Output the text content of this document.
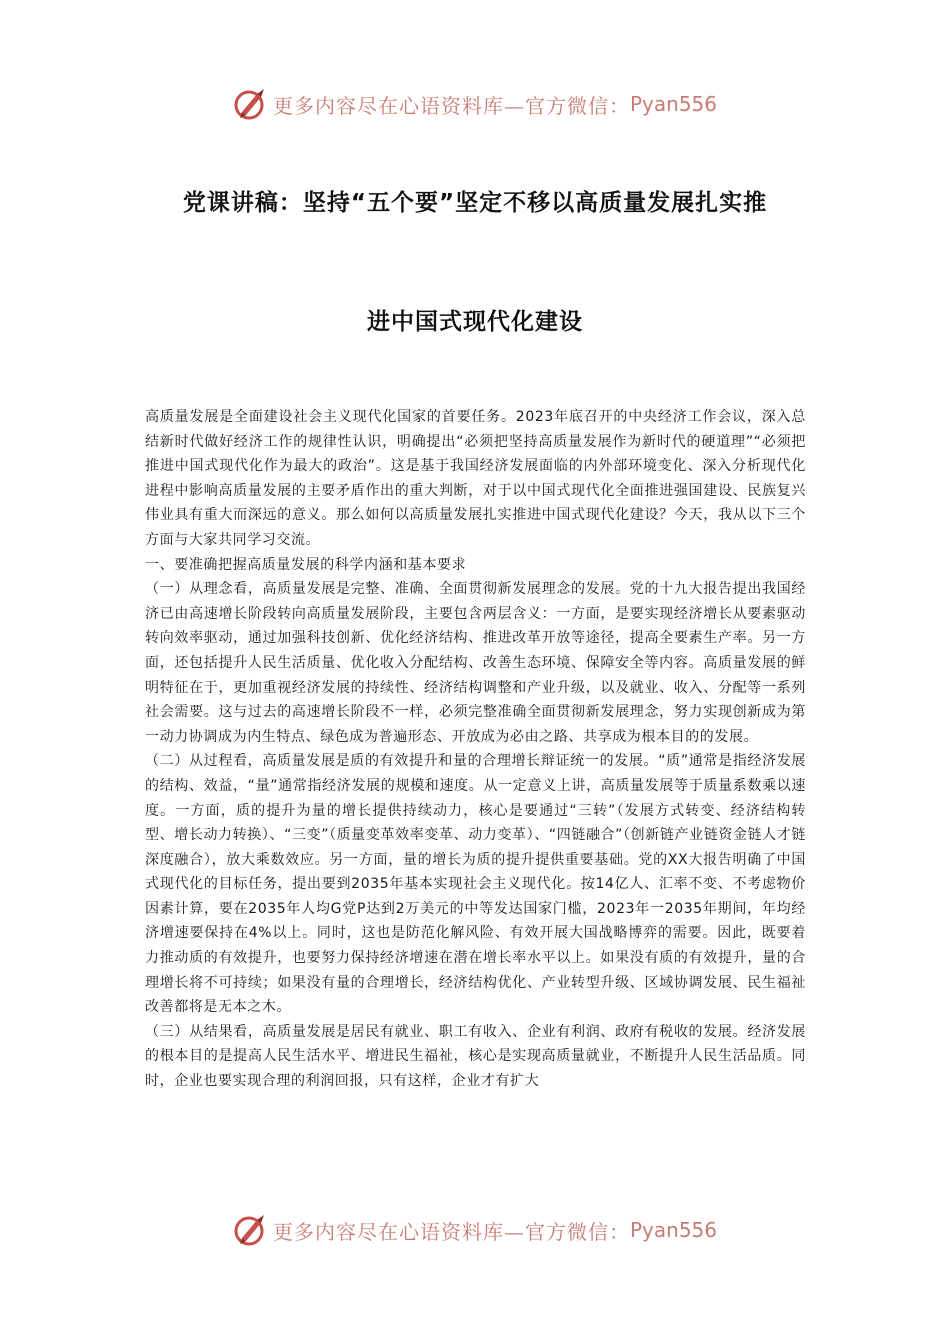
更多内容尽在心语资料库—官方微信： Pyan556
党课讲稿：坚持“五个要”坚定不移以高质量发展扎实推
进中国式现代化建设

高质量发展是全面建设社会主义现代化国家的首要任务。2023年底召开的中央经济工作会议，深入总结新时代做好经济工作的规律性认识，明确提出“必须把坚持高质量发展作为新时代的硬道理”“必须把推进中国式现代化作为最大的政治”。这是基于我国经济发展面临的内外部环境变化、深入分析现代化进程中影响高质量发展的主要矛盾作出的重大判断，对于以中国式现代化全面推进强国建设、民族复兴伟业具有重大而深远的意义。那么如何以高质量发展扎实推进中国式现代化建设？今天，我从以下三个方面与大家共同学习交流。

一、要准确把握高质量发展的科学内涵和基本要求

（一）从理念看，高质量发展是完整、准确、全面贯彻新发展理念的发展。党的十九大报告提出我国经济已由高速增长阶段转向高质量发展阶段，主要包含两层含义：一方面，是要实现经济增长从要素驱动转向效率驱动，通过加强科技创新、优化经济结构、推进改革开放等途径，提高全要素生产率。另一方面，还包括提升人民生活质量、优化收入分配结构、改善生态环境、保障安全等内容。高质量发展的鲜明特征在于，更加重视经济发展的持续性、经济结构调整和产业升级，以及就业、收入、分配等一系列社会需要。这与过去的高速增长阶段不一样，必须完整准确全面贯彻新发展理念，努力实现创新成为第一动力协调成为内生特点、绿色成为普遍形态、开放成为必由之路、共享成为根本目的的发展。

（二）从过程看，高质量发展是质的有效提升和量的合理增长辩证统一的发展。“质”通常是指经济发展的结构、效益，“量”通常指经济发展的规模和速度。从一定意义上讲，高质量发展等于质量系数乘以速度。一方面，质的提升为量的增长提供持续动力，核心是要通过“三转”（发展方式转变、经济结构转型、增长动力转换）、“三变”（质量变革效率变革、动力变革）、“四链融合”（创新链产业链资金链人才链深度融合），放大乘数效应。另一方面，量的增长为质的提升提供重要基础。党的XX大报告明确了中国式现代化的目标任务，提出要到2035年基本实现社会主义现代化。按14亿人、汇率不变、不考虑物价因素计算，要在2035年人均G党P达到2万美元的中等发达国家门槛，2023年一2035年期间，年均经济增速要保持在4%以上。同时，这也是防范化解风险、有效开展大国战略博弈的需要。因此，既要着力推动质的有效提升，也要努力保持经济增速在潜在增长率水平以上。如果没有质的有效提升，量的合理增长将不可持续；如果没有量的合理增长，经济结构优化、产业转型升级、区域协调发展、民生福祉改善都将是无本之木。

（三）从结果看，高质量发展是居民有就业、职工有收入、企业有利润、政府有税收的发展。经济发展的根本目的是提高人民生活水平、增进民生福祉，核心是实现高质量就业，不断提升人民生活品质。同时，企业也要实现合理的利润回报，只有这样，企业才有扩大

更多内容尽在心语资料库—官方微信： Pyan556
